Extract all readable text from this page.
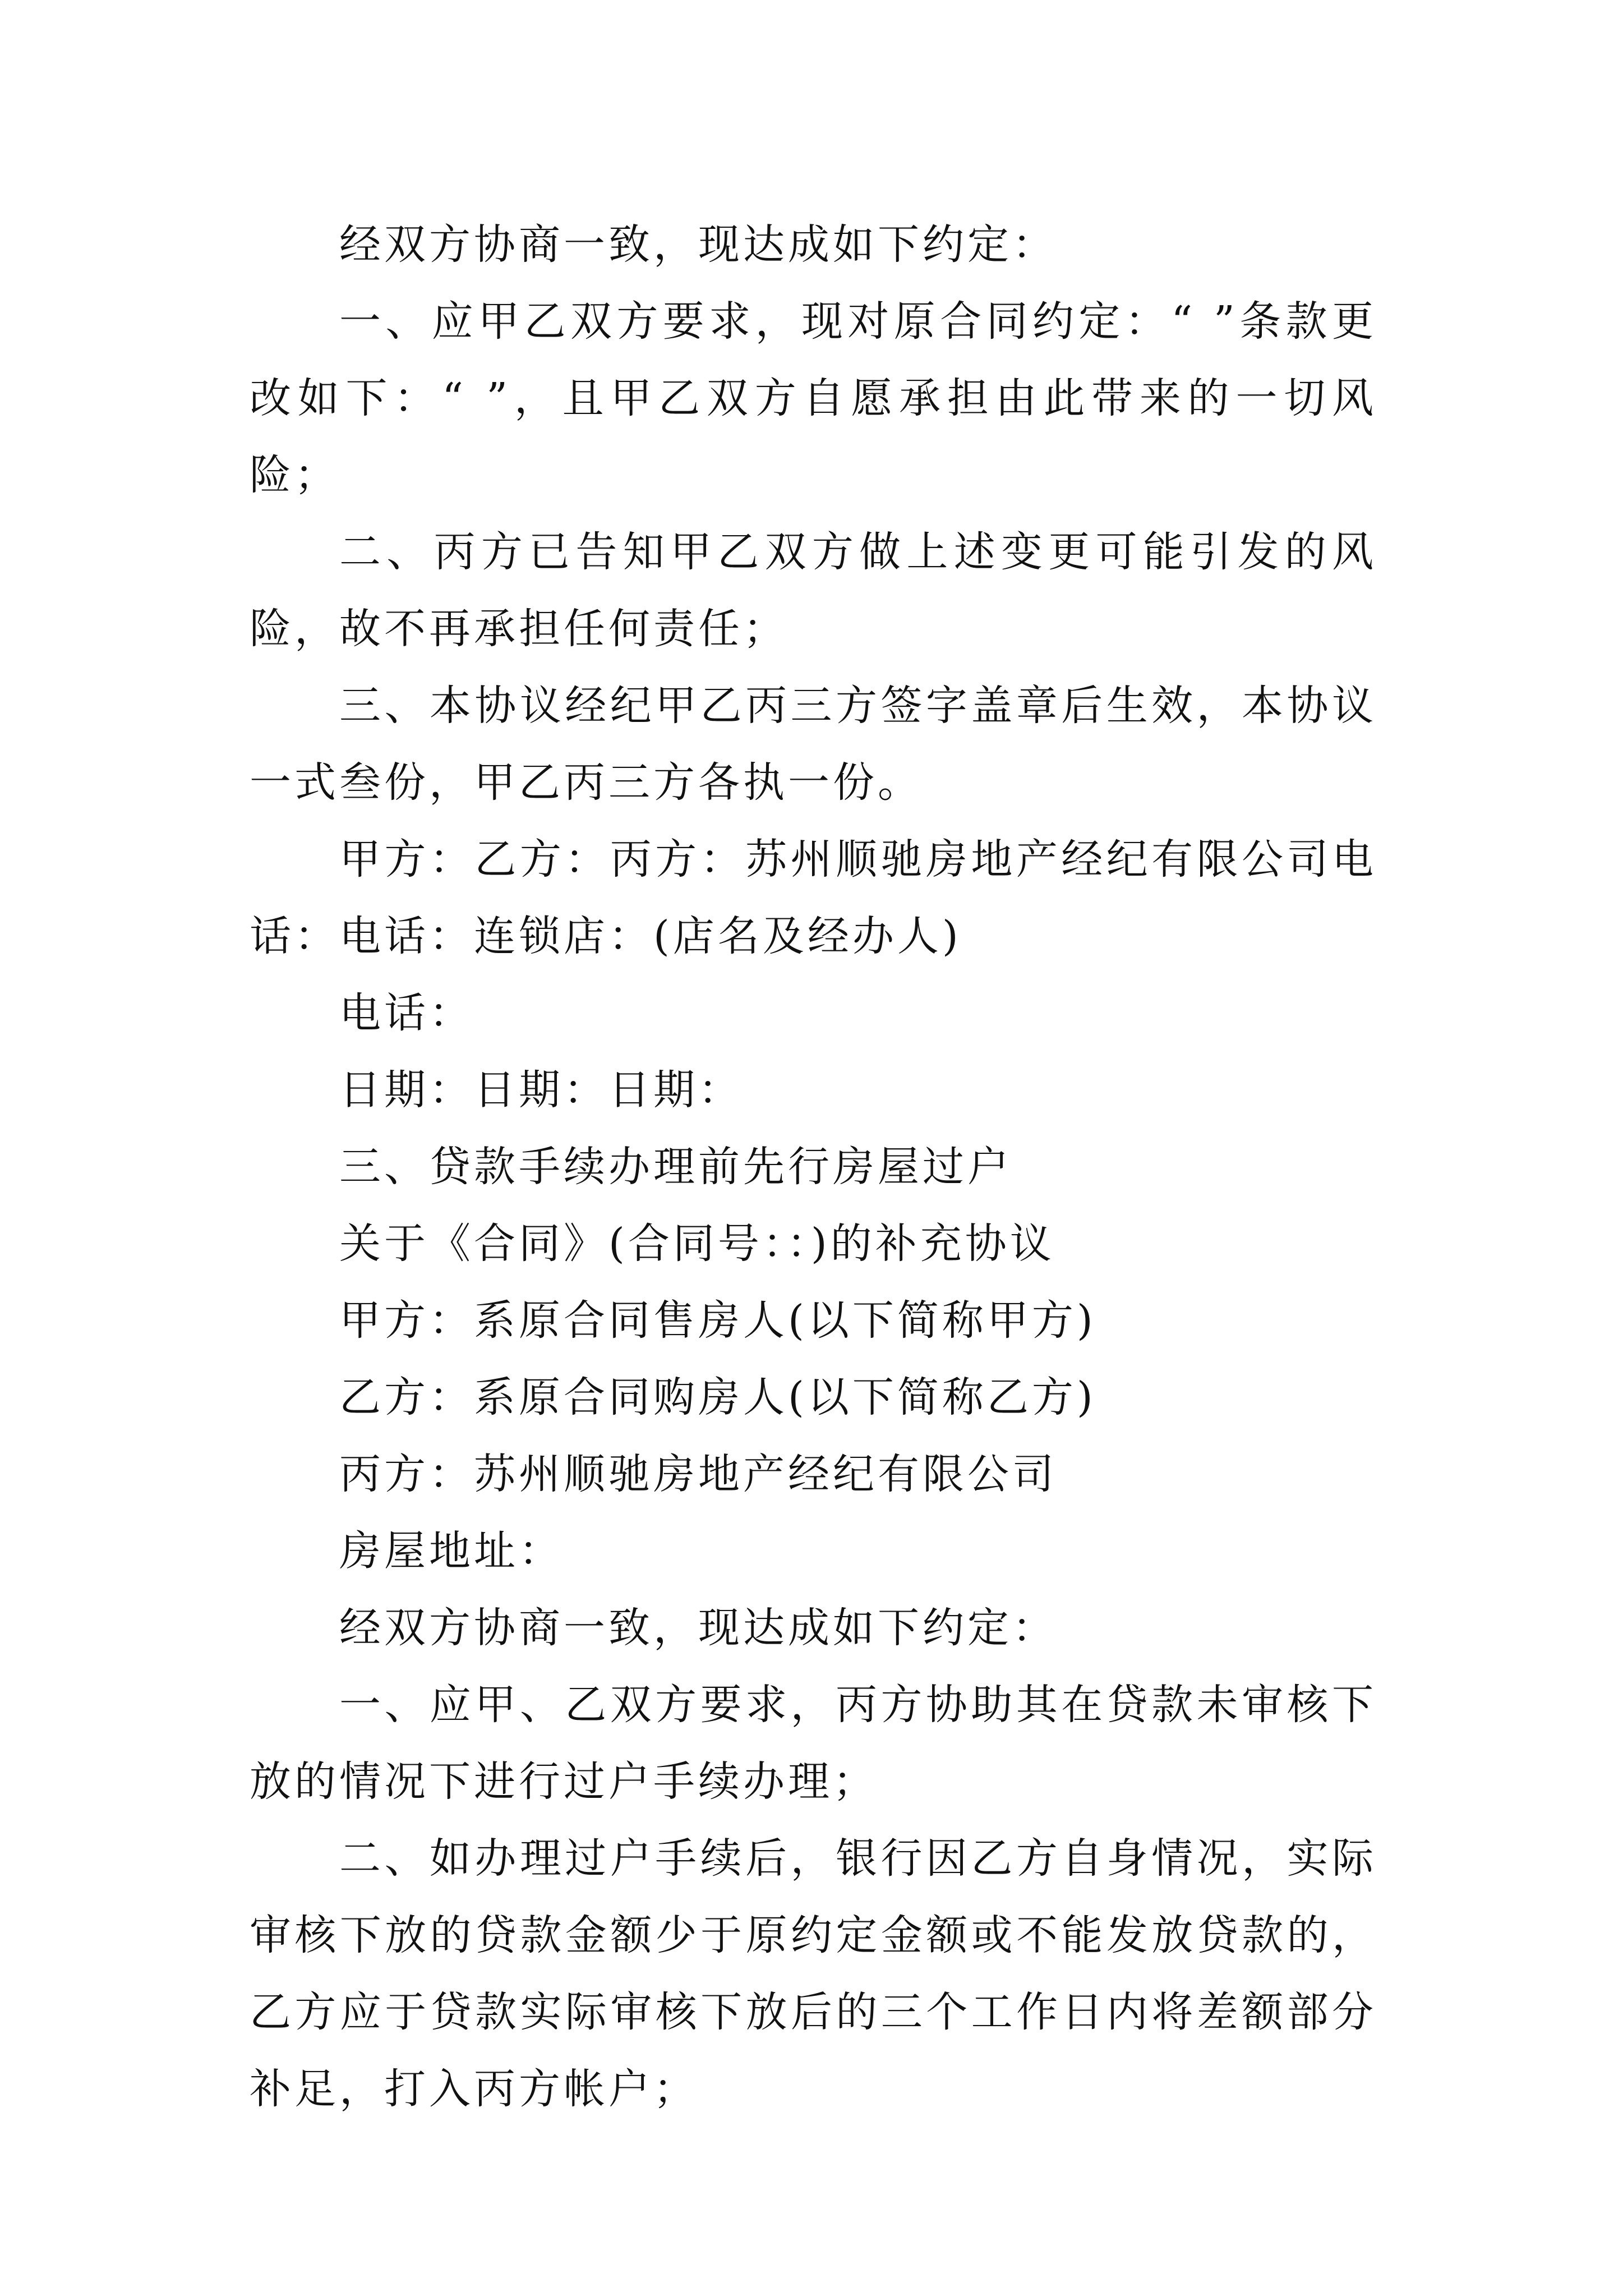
经双方协商一致，现达成如下约定：

一、应甲乙双方要求，现对原合同约定：“ ”条款更改如下：“ ”，且甲乙双方自愿承担由此带来的一切风险；

二、丙方已告知甲乙双方做上述变更可能引发的风险，故不再承担任何责任；

三、本协议经纪甲乙丙三方签字盖章后生效，本协议一式叁份，甲乙丙三方各执一份。

甲方：乙方：丙方：苏州顺驰房地产经纪有限公司电话：电话：连锁店：(店名及经办人)

电话：

日期：日期：日期：

三、贷款手续办理前先行房屋过户

关于《合同》(合同号：：)的补充协议

甲方：系原合同售房人(以下简称甲方)

乙方：系原合同购房人(以下简称乙方)

丙方：苏州顺驰房地产经纪有限公司

房屋地址：

经双方协商一致，现达成如下约定：

一、应甲、乙双方要求，丙方协助其在贷款未审核下放的情况下进行过户手续办理；

二、如办理过户手续后，银行因乙方自身情况，实际审核下放的贷款金额少于原约定金额或不能发放贷款的，乙方应于贷款实际审核下放后的三个工作日内将差额部分补足，打入丙方帐户；
